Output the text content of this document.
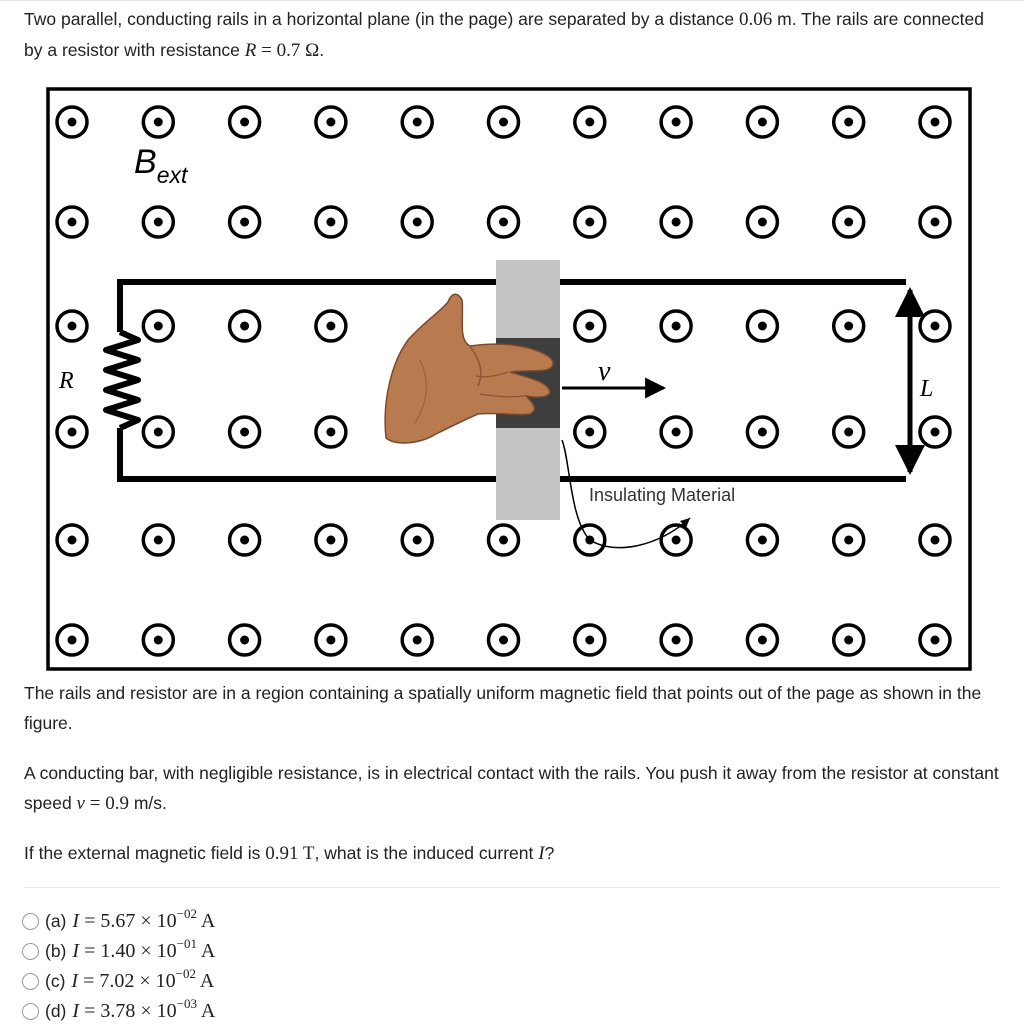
Two parallel, conducting rails in a horizontal plane (in the page) are separated by a distance 0.06 m. The rails are connected by a resistor with resistance R = 0.7 Ω.
$B_{ext}$
R	L
v
Insulating Material
The rails and resistor are in a region containing a spatially uniform magnetic field that points out of the page as shown in the figure.
A conducting bar, with negligible resistance, is in electrical contact with the rails. You push it away from the resistor at constant speed v = 0.9 m/s.
If the external magnetic field is 0.91 T, what is the induced current I?
(a) $I = 5.67 \times 10^{-02}$ A
(b) $I = 1.40 \times 10^{-01}$ A
(c) $I = 7.02 \times 10^{-02}$ A
(d) $I = 3.78 \times 10^{-03}$ A
